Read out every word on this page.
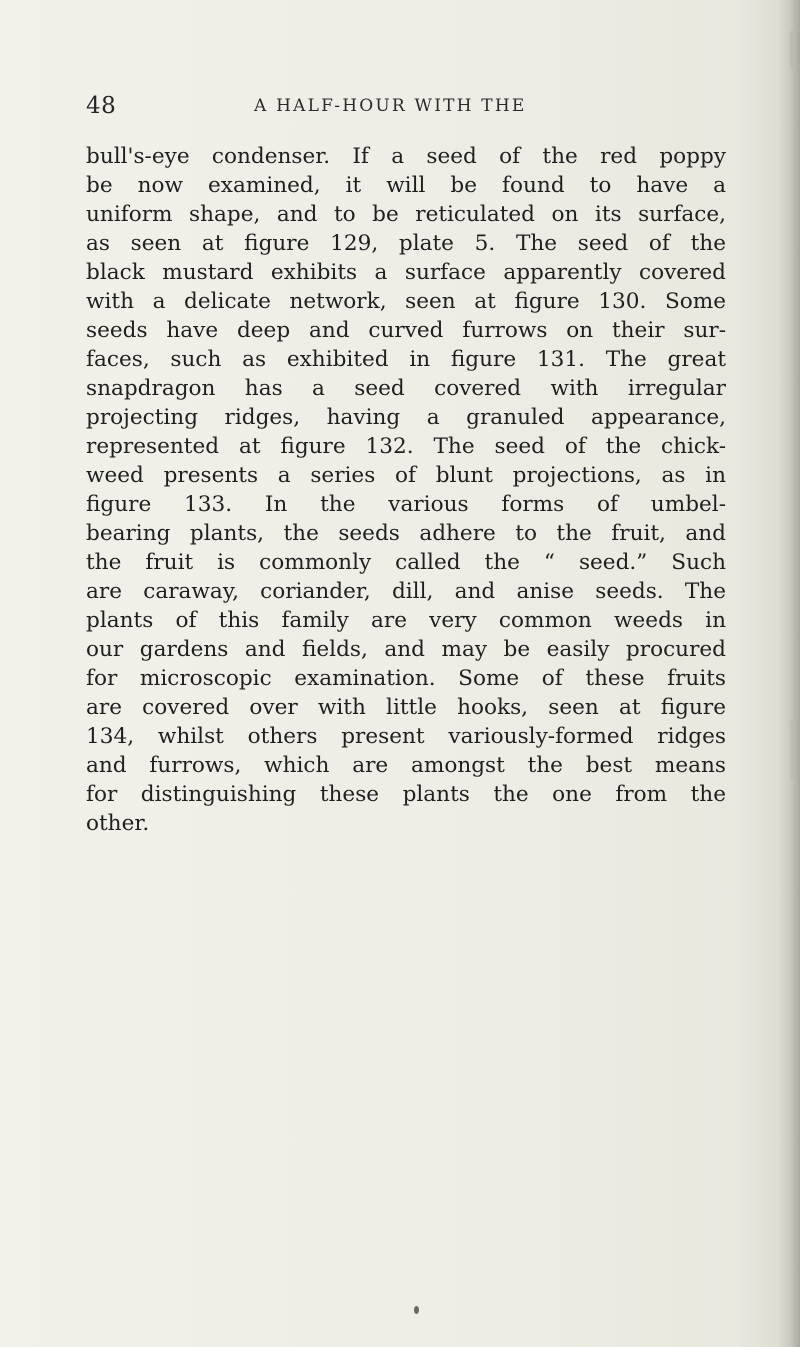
48	A HALF-HOUR WITH THE
bull's-eye condenser. If a seed of the red poppy
be now examined, it will be found to have a
uniform shape, and to be reticulated on its surface,
as seen at figure 129, plate 5. The seed of the
black mustard exhibits a surface apparently covered
with a delicate network, seen at figure 130. Some
seeds have deep and curved furrows on their sur-
faces, such as exhibited in figure 131. The great
snapdragon has a seed covered with irregular
projecting ridges, having a granuled appearance,
represented at figure 132. The seed of the chick-
weed presents a series of blunt projections, as in
figure 133. In the various forms of umbel-
bearing plants, the seeds adhere to the fruit, and
the fruit is commonly called the “ seed.” Such
are caraway, coriander, dill, and anise seeds. The
plants of this family are very common weeds in
our gardens and fields, and may be easily procured
for microscopic examination. Some of these fruits
are covered over with little hooks, seen at figure
134, whilst others present variously-formed ridges
and furrows, which are amongst the best means
for distinguishing these plants the one from the
other.
